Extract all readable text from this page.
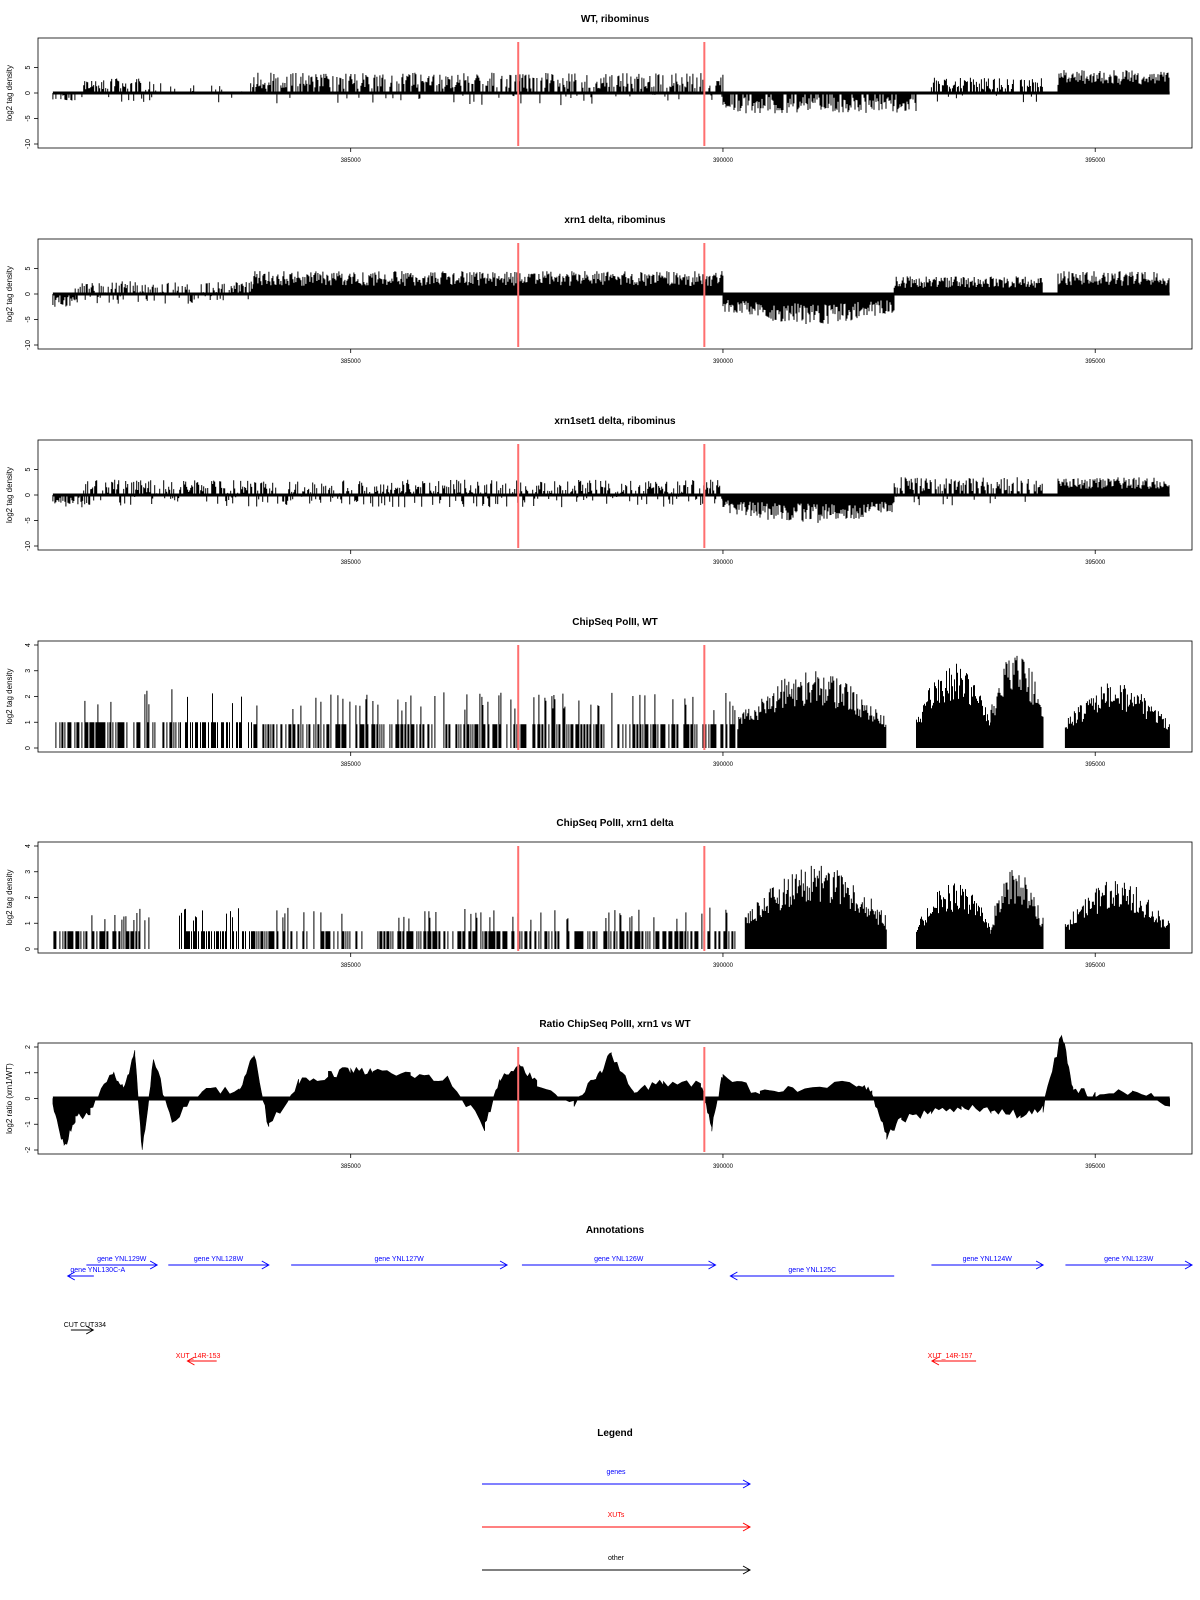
WT, ribominus
log2 tag density
-10
-5
0
5
385000	390000	395000
xrn1 delta, ribominus
log2 tag density
-10
-5
0
5
385000	390000	395000
xrn1set1 delta, ribominus
log2 tag density
-10
-5
0
5
385000	390000	395000
ChipSeq PolII, WT
log2 tag density
0
1
2
3
4
385000	390000	395000
ChipSeq PolII, xrn1 delta
log2 tag density
0
1
2
3
4
385000	390000	395000
Ratio ChipSeq PolII, xrn1 vs WT
log2 ratio (xrn1/WT)
-2
-1
0
1
2
385000	390000	395000
Annotations
gene YNL129W	gene YNL128W	gene YNL127W	gene YNL126W
gene YNL125C
gene YNL124W	gene YNL123W
gene YNL130C-A
CUT CUT334
XUT_14R-153	XUT_14R-157
Legend
genes
XUTs
other
